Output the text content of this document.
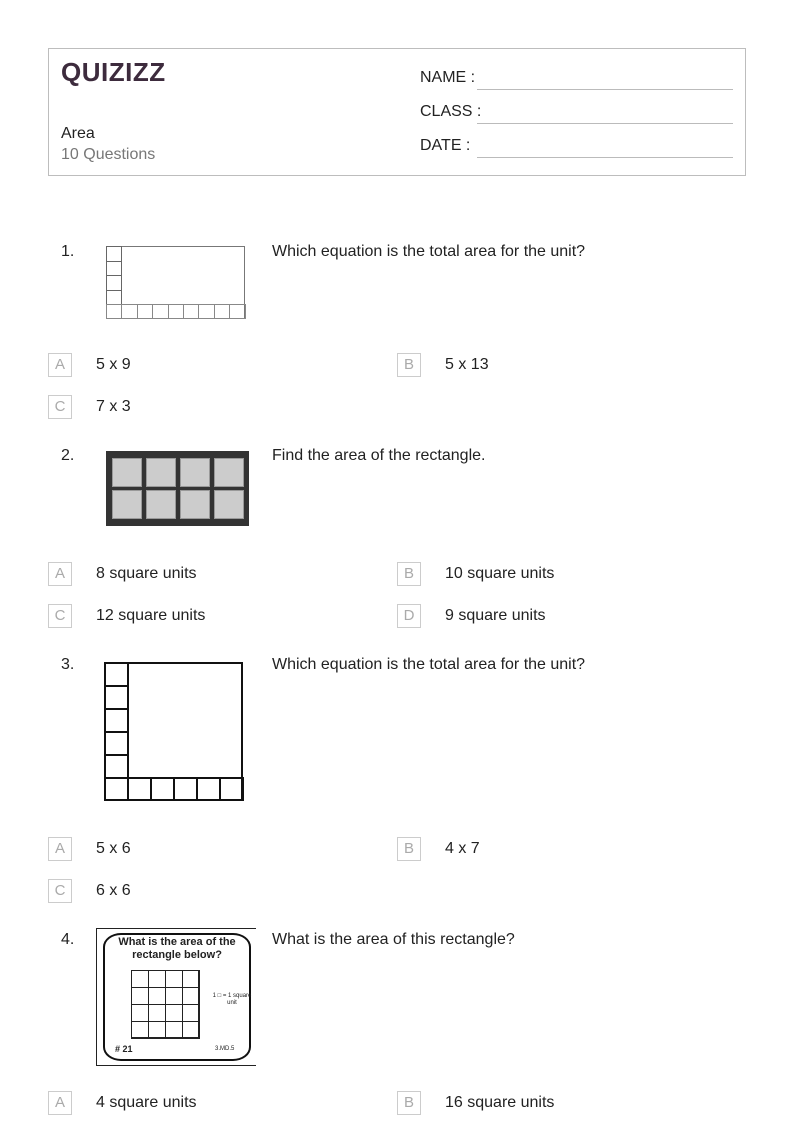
QUIZIZZ
Area
10 Questions
NAME :
CLASS :
DATE :
1.	Which equation is the total area for the unit?
A	5 x 9	B	5 x 13
C	7 x 3
2.	Find the area of the rectangle.
A	8 square units	B	10 square units
C	12 square units	D	9 square units
3.	Which equation is the total area for the unit?
A	5 x 6	B	4 x 7
C	6 x 6
4.	What is the area of the rectangle below?
1 □ = 1 square unit
# 21	3.MD.5
What is the area of this rectangle?
A	4 square units	B	16 square units
